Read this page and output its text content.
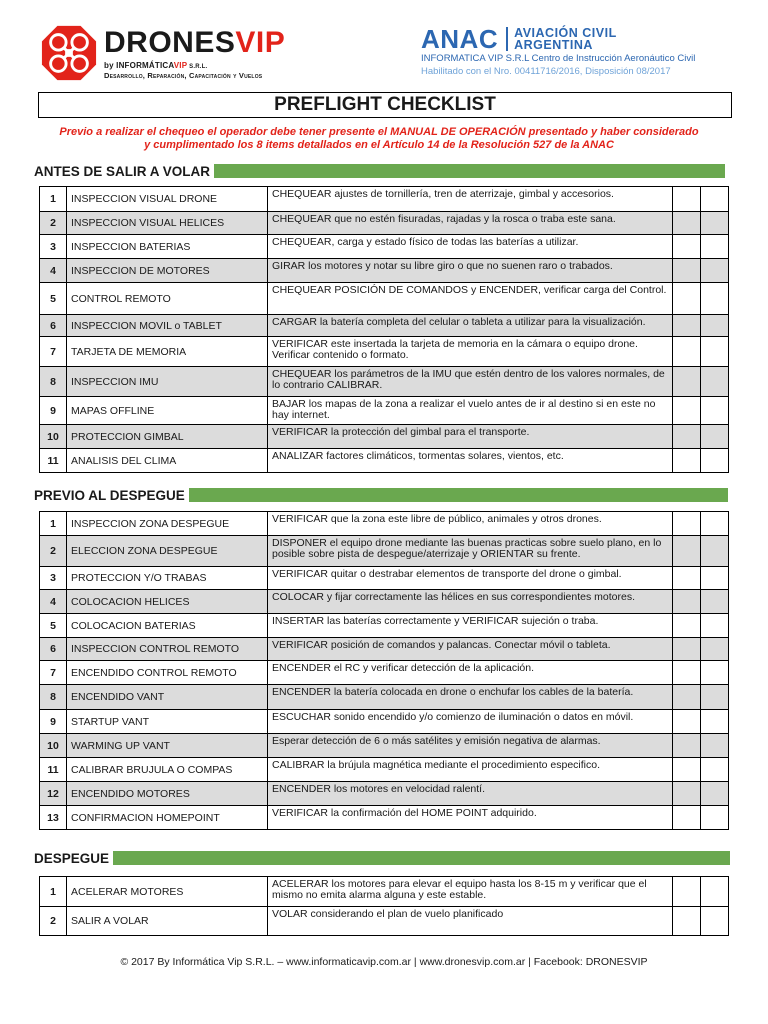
DRONESVIP
by INFORMÁTICAVIP S.R.L.
Desarrollo, Reparación, Capacitación y Vuelos
ANAC AVIACIÓN CIVIL
ARGENTINA
INFORMATICA VIP S.R.L Centro de Instrucción Aeronáutico Civil
Habilitado con el Nro. 00411716/2016, Disposición 08/2017
PREFLIGHT CHECKLIST
Previo a realizar el chequeo el operador debe tener presente el MANUAL DE OPERACIÓN presentado y haber considerado
y cumplimentado los 8 items detallados en el Artículo 14 de la Resolución 527 de la ANAC
ANTES DE SALIR A VOLAR
1	INSPECCION VISUAL DRONE	CHEQUEAR ajustes de tornillería, tren de aterrizaje, gimbal y accesorios.		
2	INSPECCION VISUAL HELICES	CHEQUEAR que no estén fisuradas, rajadas y la rosca o traba este sana.		
3	INSPECCION BATERIAS	CHEQUEAR, carga y estado físico de todas las baterías a utilizar.		
4	INSPECCION DE MOTORES	GIRAR los motores y notar su libre giro o que no suenen raro o trabados.		
5	CONTROL REMOTO	CHEQUEAR POSICIÓN DE COMANDOS y ENCENDER, verificar carga del Control.		
6	INSPECCION MOVIL o TABLET	CARGAR la batería completa del celular o tableta a utilizar para la visualización.		
7	TARJETA DE MEMORIA	VERIFICAR este insertada la tarjeta de memoria en la cámara o equipo drone. Verificar contenido o formato.		
8	INSPECCION IMU	CHEQUEAR los parámetros de la IMU que estén dentro de los valores normales, de lo contrario CALIBRAR.		
9	MAPAS OFFLINE	BAJAR los mapas de la zona a realizar el vuelo antes de ir al destino si en este no hay internet.		
10	PROTECCION GIMBAL	VERIFICAR la protección del gimbal para el transporte.		
11	ANALISIS DEL CLIMA	ANALIZAR factores climáticos, tormentas solares, vientos, etc.		
PREVIO AL DESPEGUE
1	INSPECCION ZONA DESPEGUE	VERIFICAR que la zona este libre de público, animales y otros drones.		
2	ELECCION ZONA DESPEGUE	DISPONER el equipo drone mediante las buenas practicas sobre suelo plano, en lo posible sobre pista de despegue/aterrizaje y ORIENTAR su frente.		
3	PROTECCION Y/O TRABAS	VERIFICAR quitar o destrabar elementos de transporte del drone o gimbal.		
4	COLOCACION HELICES	COLOCAR y fijar correctamente las hélices en sus correspondientes motores.		
5	COLOCACION BATERIAS	INSERTAR las baterías correctamente y VERIFICAR sujeción o traba.		
6	INSPECCION CONTROL REMOTO	VERIFICAR posición de comandos y palancas. Conectar móvil o tableta.		
7	ENCENDIDO CONTROL REMOTO	ENCENDER el RC y verificar detección de la aplicación.		
8	ENCENDIDO VANT	ENCENDER la batería colocada en drone o enchufar los cables de la batería.		
9	STARTUP VANT	ESCUCHAR sonido encendido y/o comienzo de iluminación o datos en móvil.		
10	WARMING UP VANT	Esperar detección de 6 o más satélites y emisión negativa de alarmas.		
11	CALIBRAR BRUJULA O COMPAS	CALIBRAR la brújula magnética mediante el procedimiento especifico.		
12	ENCENDIDO MOTORES	ENCENDER los motores en velocidad ralentí.		
13	CONFIRMACION HOMEPOINT	VERIFICAR la confirmación del HOME POINT adquirido.		
DESPEGUE
1	ACELERAR MOTORES	ACELERAR los motores para elevar el equipo hasta los 8-15 m y verificar que el mismo no emita alarma alguna y este estable.		
2	SALIR A VOLAR	VOLAR considerando el plan de vuelo planificado		
© 2017 By Informática Vip S.R.L. – www.informaticavip.com.ar | www.dronesvip.com.ar | Facebook: DRONESVIP
